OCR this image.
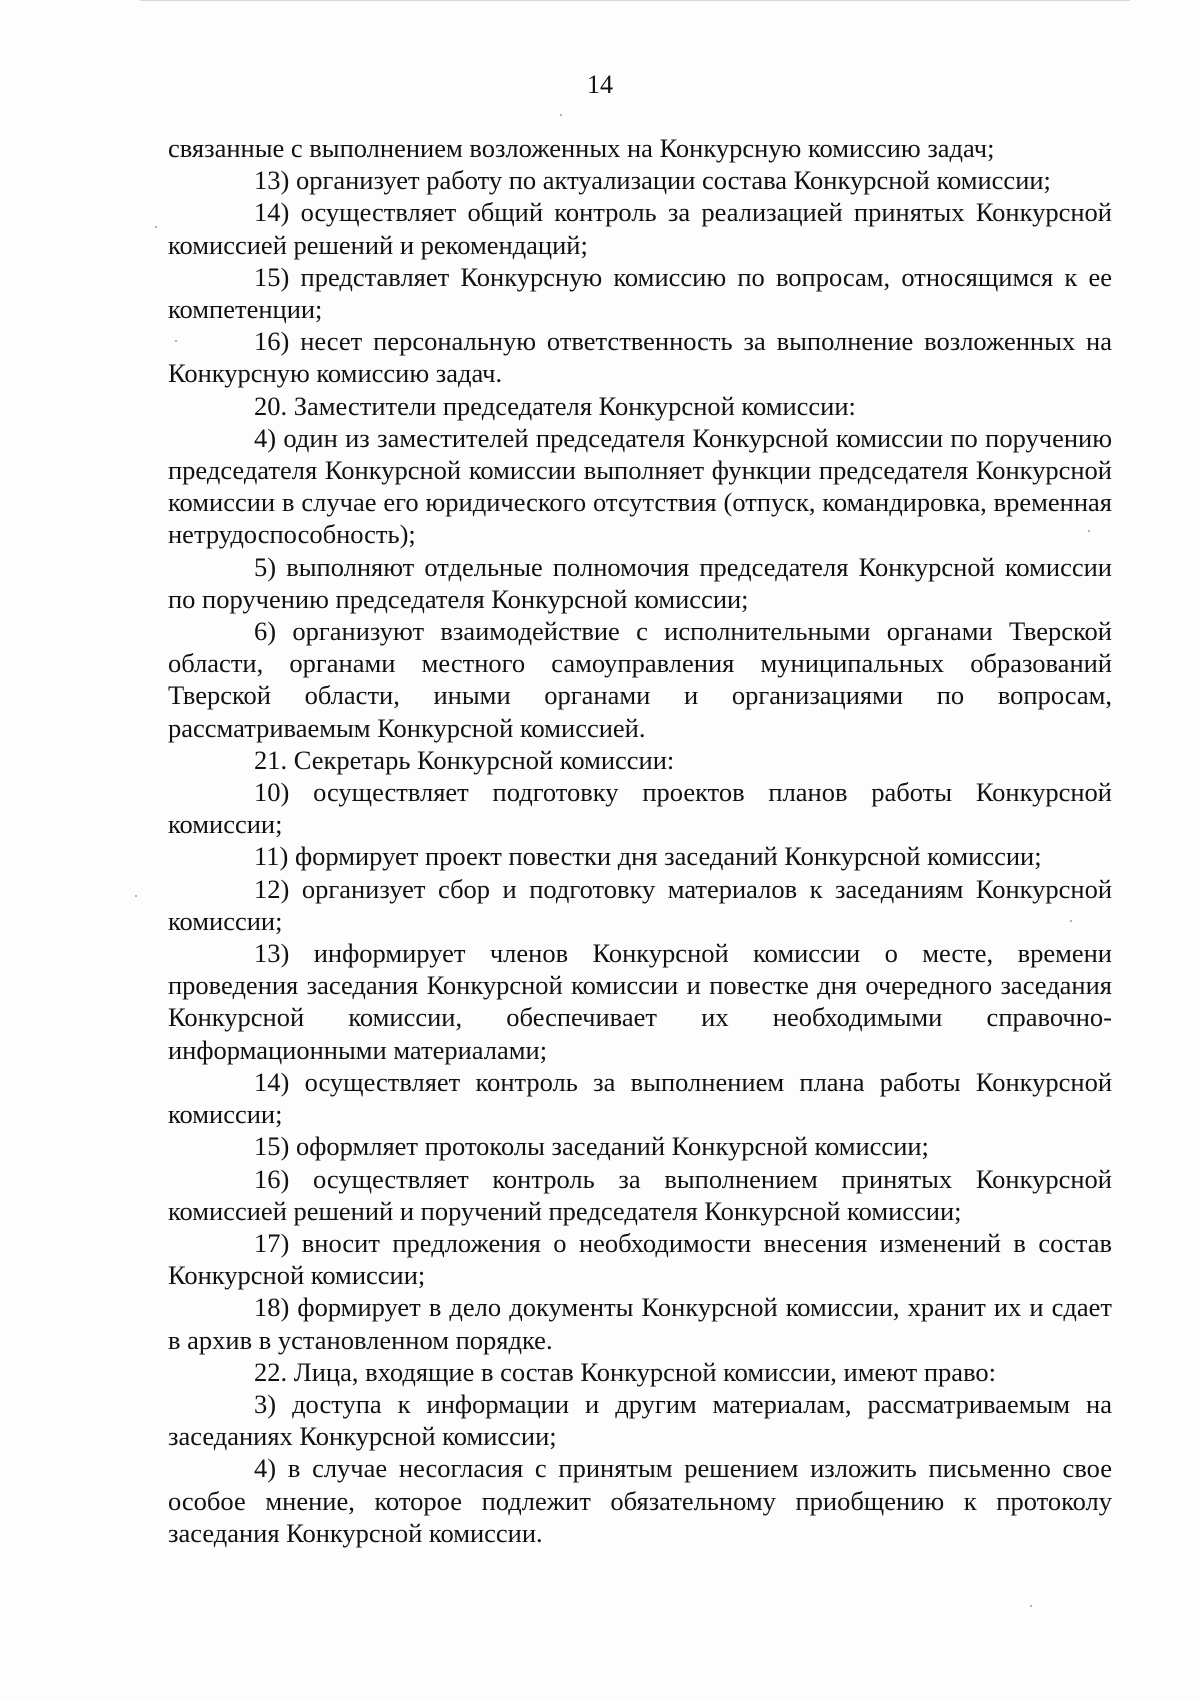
14

связанные с выполнением возложенных на Конкурсную комиссию задач;

13) организует работу по актуализации состава Конкурсной комиссии;

14) осуществляет общий контроль за реализацией принятых Конкурсной комиссией решений и рекомендаций;

15) представляет Конкурсную комиссию по вопросам, относящимся к ее компетенции;

16) несет персональную ответственность за выполнение возложенных на Конкурсную комиссию задач.

20. Заместители председателя Конкурсной комиссии:

4) один из заместителей председателя Конкурсной комиссии по поручению председателя Конкурсной комиссии выполняет функции председателя Конкурсной комиссии в случае его юридического отсутствия (отпуск, командировка, временная нетрудоспособность);

5) выполняют отдельные полномочия председателя Конкурсной комиссии по поручению председателя Конкурсной комиссии;

6) организуют взаимодействие с исполнительными органами Тверской области, органами местного самоуправления муниципальных образований Тверской области, иными органами и организациями по вопросам, рассматриваемым Конкурсной комиссией.

21. Секретарь Конкурсной комиссии:

10) осуществляет подготовку проектов планов работы Конкурсной комиссии;

11) формирует проект повестки дня заседаний Конкурсной комиссии;

12) организует сбор и подготовку материалов к заседаниям Конкурсной комиссии;

13) информирует членов Конкурсной комиссии о месте, времени проведения заседания Конкурсной комиссии и повестке дня очередного заседания Конкурсной комиссии, обеспечивает их необходимыми справочно-информационными материалами;

14) осуществляет контроль за выполнением плана работы Конкурсной комиссии;

15) оформляет протоколы заседаний Конкурсной комиссии;

16) осуществляет контроль за выполнением принятых Конкурсной комиссией решений и поручений председателя Конкурсной комиссии;

17) вносит предложения о необходимости внесения изменений в состав Конкурсной комиссии;

18) формирует в дело документы Конкурсной комиссии, хранит их и сдает в архив в установленном порядке.

22. Лица, входящие в состав Конкурсной комиссии, имеют право:

3) доступа к информации и другим материалам, рассматриваемым на заседаниях Конкурсной комиссии;

4) в случае несогласия с принятым решением изложить письменно свое особое мнение, которое подлежит обязательному приобщению к протоколу заседания Конкурсной комиссии.
